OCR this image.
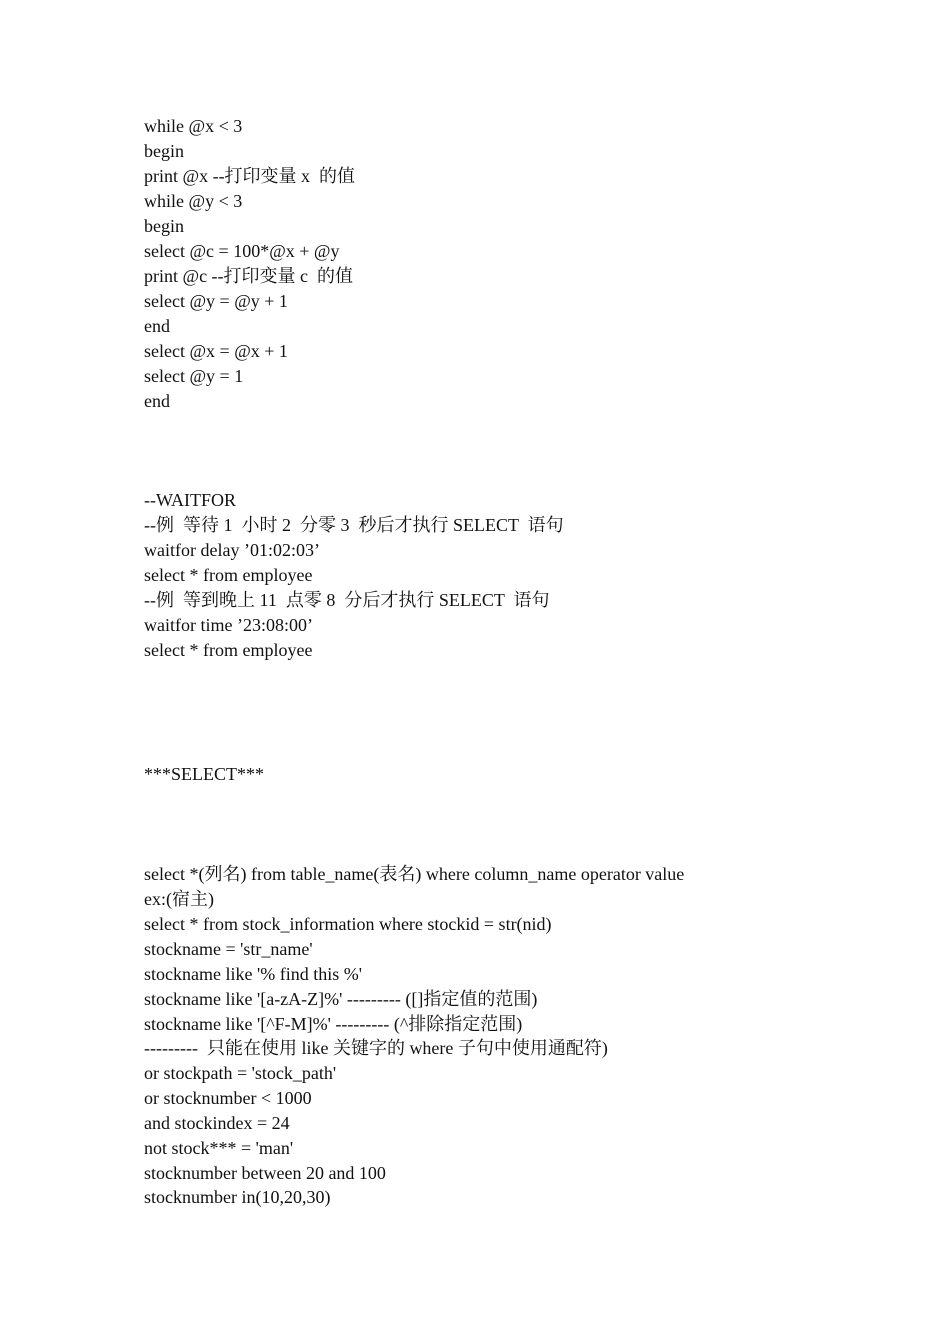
while @x < 3
begin
print @x --打印变量 x  的值
while @y < 3
begin
select @c = 100*@x + @y
print @c --打印变量 c  的值
select @y = @y + 1
end
select @x = @x + 1
select @y = 1
end
--WAITFOR
--例  等待 1  小时 2  分零 3  秒后才执行 SELECT  语句
waitfor delay ’01:02:03’
select * from employee
--例  等到晚上 11  点零 8  分后才执行 SELECT  语句
waitfor time ’23:08:00’
select * from employee
***SELECT***
select *(列名) from table_name(表名) where column_name operator value
ex:(宿主)
select * from stock_information where stockid = str(nid)
stockname = 'str_name'
stockname like '% find this %'
stockname like '[a-zA-Z]%' --------- ([]指定值的范围)
stockname like '[^F-M]%' --------- (^排除指定范围)
---------  只能在使用 like 关键字的 where 子句中使用通配符)
or stockpath = 'stock_path'
or stocknumber < 1000
and stockindex = 24
not stock*** = 'man'
stocknumber between 20 and 100
stocknumber in(10,20,30)
